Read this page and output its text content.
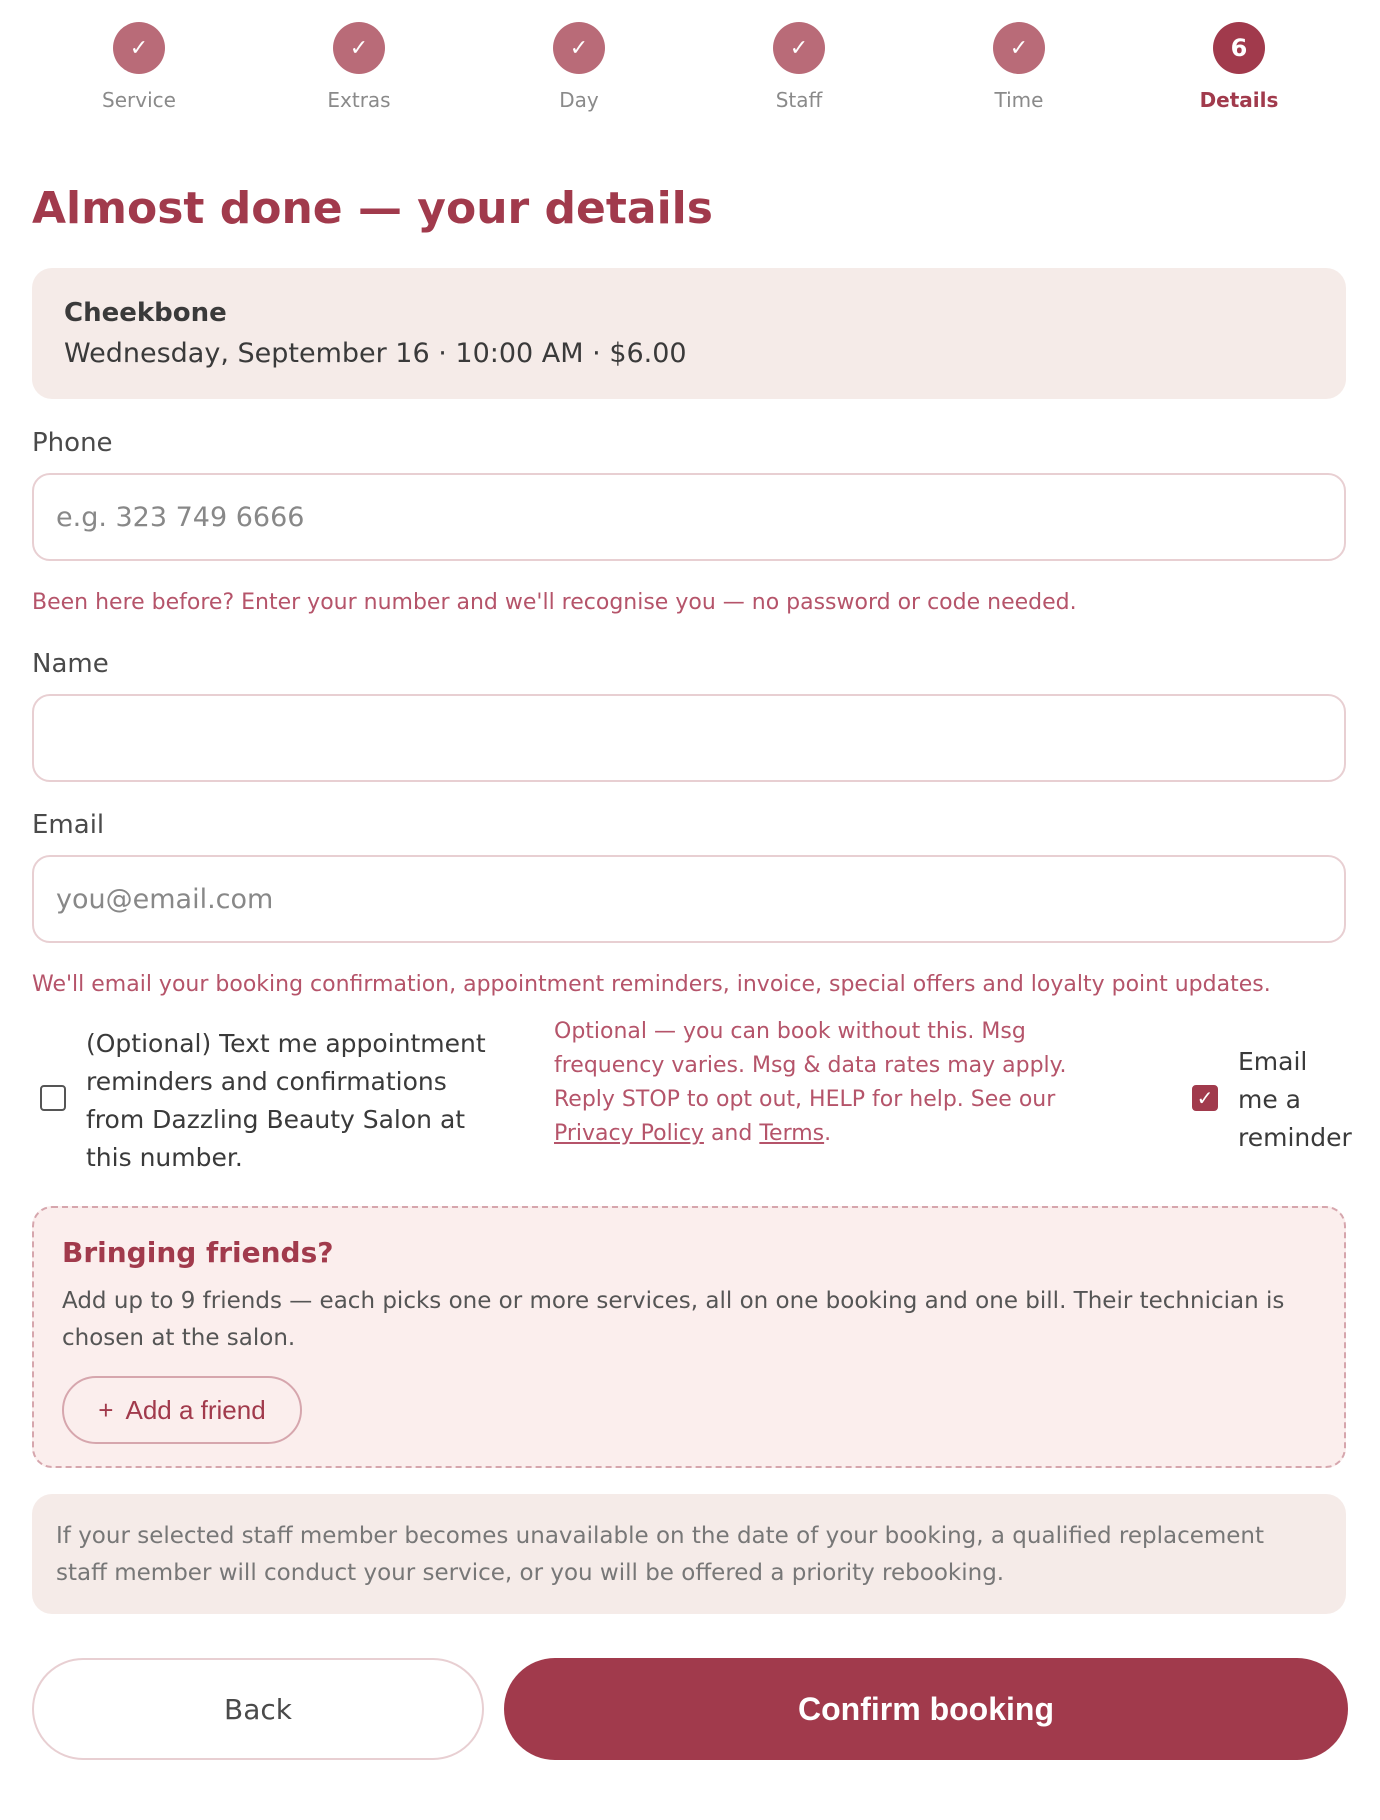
✓
Service
✓
Extras
✓
Day
✓
Staff
✓
Time
6
Details
Almost done — your details
Cheekbone
Wednesday, September 16 · 10:00 AM · $6.00
Phone
e.g. 323 749 6666
Been here before? Enter your number and we'll recognise you — no password or code needed.
Name
Email
you@email.com
We'll email your booking confirmation, appointment reminders, invoice, special offers and loyalty point updates.
(Optional) Text me appointment reminders and confirmations from Dazzling Beauty Salon at this number.
Optional — you can book without this. Msg frequency varies. Msg & data rates may apply. Reply STOP to opt out, HELP for help. See our Privacy Policy and Terms.
✓
Email me a reminder
Bringing friends?
Add up to 9 friends — each picks one or more services, all on one booking and one bill. Their technician is chosen at the salon.
+ Add a friend
If your selected staff member becomes unavailable on the date of your booking, a qualified replacement staff member will conduct your service, or you will be offered a priority rebooking.
Back	Confirm booking
